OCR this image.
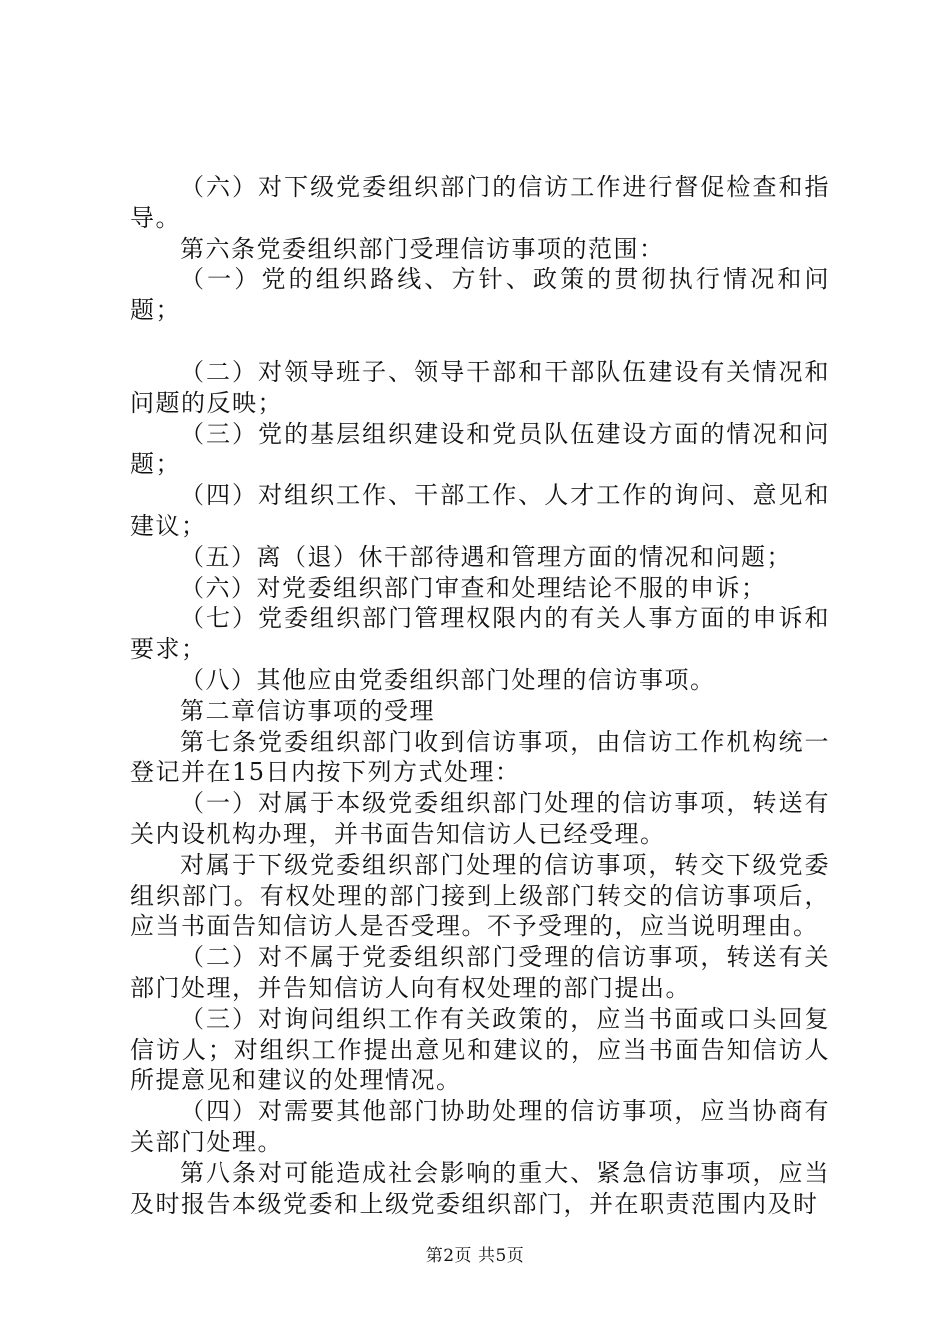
（六）对下级党委组织部门的信访工作进行督促检查和指导。

第六条党委组织部门受理信访事项的范围：

（一）党的组织路线、方针、政策的贯彻执行情况和问题；

（二）对领导班子、领导干部和干部队伍建设有关情况和问题的反映；

（三）党的基层组织建设和党员队伍建设方面的情况和问题；

（四）对组织工作、干部工作、人才工作的询问、意见和建议；

（五）离（退）休干部待遇和管理方面的情况和问题；

（六）对党委组织部门审查和处理结论不服的申诉；

（七）党委组织部门管理权限内的有关人事方面的申诉和要求；

（八）其他应由党委组织部门处理的信访事项。

第二章信访事项的受理

第七条党委组织部门收到信访事项，由信访工作机构统一登记并在15日内按下列方式处理：

（一）对属于本级党委组织部门处理的信访事项，转送有关内设机构办理，并书面告知信访人已经受理。

对属于下级党委组织部门处理的信访事项，转交下级党委组织部门。有权处理的部门接到上级部门转交的信访事项后，应当书面告知信访人是否受理。不予受理的，应当说明理由。

（二）对不属于党委组织部门受理的信访事项，转送有关部门处理，并告知信访人向有权处理的部门提出。

（三）对询问组织工作有关政策的，应当书面或口头回复信访人；对组织工作提出意见和建议的，应当书面告知信访人所提意见和建议的处理情况。

（四）对需要其他部门协助处理的信访事项，应当协商有关部门处理。

第八条对可能造成社会影响的重大、紧急信访事项，应当及时报告本级党委和上级党委组织部门，并在职责范围内及时

第2页 共5页
